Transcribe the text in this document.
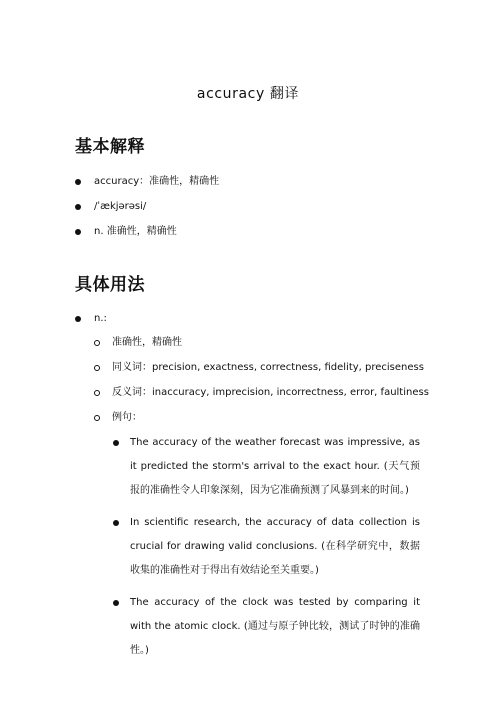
accuracy 翻译
基本解释
accuracy：准确性，精确性
/ˈækjərəsi/
n. 准确性，精确性
具体用法
n.:
准确性，精确性
同义词：precision, exactness, correctness, fidelity, preciseness
反义词：inaccuracy, imprecision, incorrectness, error, faultiness
例句：
The accuracy of the weather forecast was impressive, as it predicted the storm's arrival to the exact hour. (天气预报的准确性令人印象深刻，因为它准确预测了风暴到来的时间。)
In scientific research, the accuracy of data collection is crucial for drawing valid conclusions. (在科学研究中，数据收集的准确性对于得出有效结论至关重要。)
The accuracy of the clock was tested by comparing it with the atomic clock. (通过与原子钟比较，测试了时钟的准确性。)
